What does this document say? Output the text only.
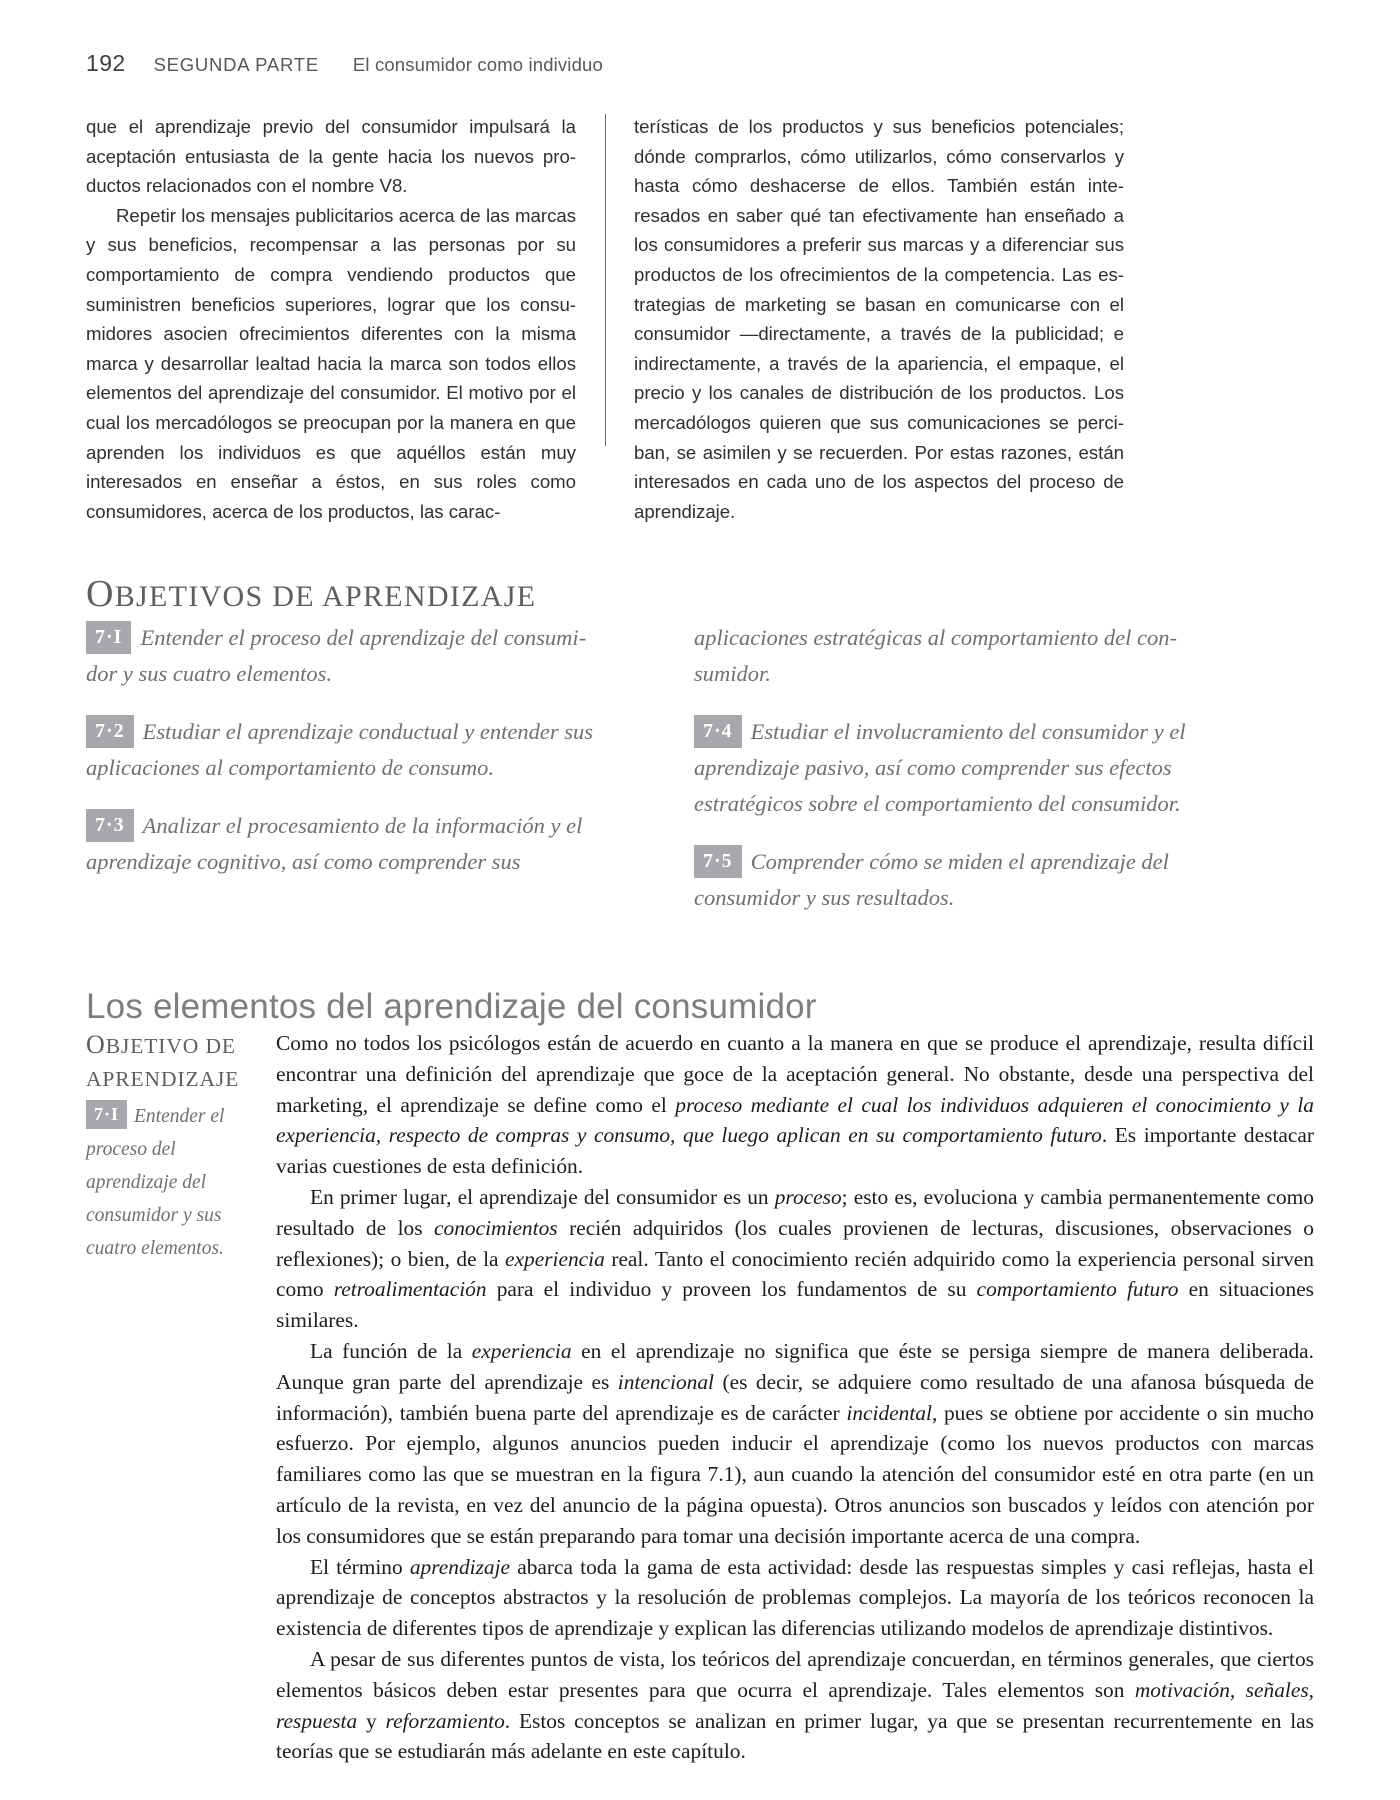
192 SEGUNDA PARTE El consumidor como individuo

que el aprendizaje previo del consumidor impulsará la aceptación entusiasta de la gente hacia los nuevos productos relacionados con el nombre V8.

Repetir los mensajes publicitarios acerca de las marcas y sus beneficios, recompensar a las personas por su comportamiento de compra vendiendo productos que suministren beneficios superiores, lograr que los consumidores asocien ofrecimientos diferentes con la misma marca y desarrollar lealtad hacia la marca son todos ellos elementos del aprendizaje del consumidor. El motivo por el cual los mercadólogos se preocupan por la manera en que aprenden los individuos es que aquéllos están muy interesados en enseñar a éstos, en sus roles como consumidores, acerca de los productos, las carac-

terísticas de los productos y sus beneficios potenciales; dónde comprarlos, cómo utilizarlos, cómo conservarlos y hasta cómo deshacerse de ellos. También están interesados en saber qué tan efectivamente han enseñado a los consumidores a preferir sus marcas y a diferenciar sus productos de los ofrecimientos de la competencia. Las estrategias de marketing se basan en comunicarse con el consumidor —directamente, a través de la publicidad; e indirectamente, a través de la apariencia, el empaque, el precio y los canales de distribución de los productos. Los mercadólogos quieren que sus comunicaciones se perciban, se asimilen y se recuerden. Por estas razones, están interesados en cada uno de los aspectos del proceso de aprendizaje.

OBJETIVOS DE APRENDIZAJE
7·I Entender el proceso del aprendizaje del consumidor y sus cuatro elementos.
7·2 Estudiar el aprendizaje conductual y entender sus aplicaciones al comportamiento de consumo.
7·3 Analizar el procesamiento de la información y el aprendizaje cognitivo, así como comprender sus
aplicaciones estratégicas al comportamiento del consumidor.
7·4 Estudiar el involucramiento del consumidor y el aprendizaje pasivo, así como comprender sus efectos estratégicos sobre el comportamiento del consumidor.
7·5 Comprender cómo se miden el aprendizaje del consumidor y sus resultados.
Los elementos del aprendizaje del consumidor
OBJETIVO DE
APRENDIZAJE
7·I Entender el proceso del aprendizaje del consumidor y sus cuatro elementos.

Como no todos los psicólogos están de acuerdo en cuanto a la manera en que se produce el aprendizaje, resulta difícil encontrar una definición del aprendizaje que goce de la aceptación general. No obstante, desde una perspectiva del marketing, el aprendizaje se define como el proceso mediante el cual los individuos adquieren el conocimiento y la experiencia, respecto de compras y consumo, que luego aplican en su comportamiento futuro. Es importante destacar varias cuestiones de esta definición.

En primer lugar, el aprendizaje del consumidor es un proceso; esto es, evoluciona y cambia permanentemente como resultado de los conocimientos recién adquiridos (los cuales provienen de lecturas, discusiones, observaciones o reflexiones); o bien, de la experiencia real. Tanto el conocimiento recién adquirido como la experiencia personal sirven como retroalimentación para el individuo y proveen los fundamentos de su comportamiento futuro en situaciones similares.

La función de la experiencia en el aprendizaje no significa que éste se persiga siempre de manera deliberada. Aunque gran parte del aprendizaje es intencional (es decir, se adquiere como resultado de una afanosa búsqueda de información), también buena parte del aprendizaje es de carácter incidental, pues se obtiene por accidente o sin mucho esfuerzo. Por ejemplo, algunos anuncios pueden inducir el aprendizaje (como los nuevos productos con marcas familiares como las que se muestran en la figura 7.1), aun cuando la atención del consumidor esté en otra parte (en un artículo de la revista, en vez del anuncio de la página opuesta). Otros anuncios son buscados y leídos con atención por los consumidores que se están preparando para tomar una decisión importante acerca de una compra.

El término aprendizaje abarca toda la gama de esta actividad: desde las respuestas simples y casi reflejas, hasta el aprendizaje de conceptos abstractos y la resolución de problemas complejos. La mayoría de los teóricos reconocen la existencia de diferentes tipos de aprendizaje y explican las diferencias utilizando modelos de aprendizaje distintivos.

A pesar de sus diferentes puntos de vista, los teóricos del aprendizaje concuerdan, en términos generales, que ciertos elementos básicos deben estar presentes para que ocurra el aprendizaje. Tales elementos son motivación, señales, respuesta y reforzamiento. Estos conceptos se analizan en primer lugar, ya que se presentan recurrentemente en las teorías que se estudiarán más adelante en este capítulo.
